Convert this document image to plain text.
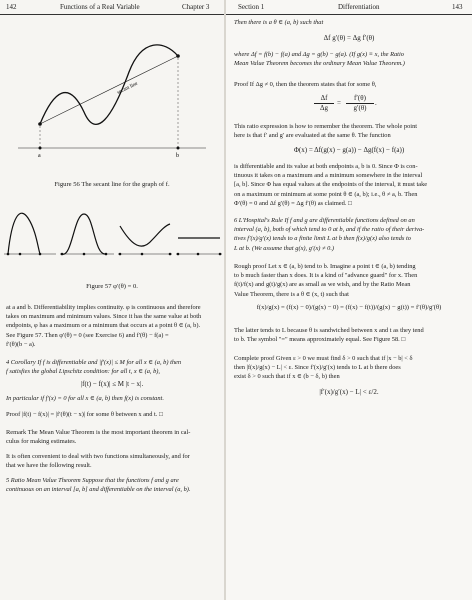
142	Functions of a Real Variable	Chapter 3
a	b
secant line
Figure 56 The secant line for the graph of f.
Figure 57 φ′(θ) = 0.
at a and b. Differentiability implies continuity. φ is continuous and therefore
takes on maximum and minimum values. Since it has the same value at both
endpoints, φ has a maximum or a minimum that occurs at a point θ ∈ (a, b).
See Figure 57. Then φ′(θ) = 0 (see Exercise 6) and f′(θ) − f(a) =
f′(θ)(b − a).
4 Corollary If f is differentiable and |f′(x)| ≤ M for all x ∈ (a, b) then
f satisfies the global Lipschitz condition: for all t, x ∈ (a, b),
|f(t) − f(x)| ≤ M |t − x|.
In particular if f′(x) = 0 for all x ∈ (a, b) then f(x) is constant.
Proof |f(t) − f(x)| = |f′(θ)(t − x)| for some θ between x and t. □
Remark The Mean Value Theorem is the most important theorem in cal-
culus for making estimates.
It is often convenient to deal with two functions simultaneously, and for
that we have the following result.
5 Ratio Mean Value Theorem Suppose that the functions f and g are
continuous on an interval [a, b] and differentiable on the interval (a, b).
Section 1	Differentiation	143
Then there is a θ ∈ (a, b) such that
Δf g′(θ) = Δg f′(θ)
where Δf = f(b) − f(a) and Δg = g(b) − g(a). (If g(x) ≡ x, the Ratio
Mean Value Theorem becomes the ordinary Mean Value Theorem.)
Proof If Δg ≠ 0, then the theorem states that for some θ,
Δf
Δg
=
f′(θ)
g′(θ)
.
This ratio expression is how to remember the theorem. The whole point
here is that f′ and g′ are evaluated at the same θ. The function
Φ(x) = Δf(g(x) − g(a)) − Δg(f(x) − f(a))
is differentiable and its value at both endpoints a, b is 0. Since Φ is con-
tinuous it takes on a maximum and a minimum somewhere in the interval
[a, b]. Since Φ has equal values at the endpoints of the interval, it must take
on a maximum or minimum at some point θ ∈ (a, b); i.e., θ ≠ a, b. Then
Φ′(θ) = 0 and Δf g′(θ) = Δg f′(θ) as claimed. □
6 L'Hospital's Rule If f and g are differentiable functions defined on an
interval (a, b), both of which tend to 0 at b, and if the ratio of their deriva-
tives f′(x)/g′(x) tends to a finite limit L at b then f(x)/g(x) also tends to
L at b. (We assume that g(x), g′(x) ≠ 0.)
Rough proof Let x ∈ (a, b) tend to b. Imagine a point t ∈ (a, b) tending
to b much faster than x does. It is a kind of "advance guard" for x. Then
f(t)/f(x) and g(t)/g(x) are as small as we wish, and by the Ratio Mean
Value Theorem, there is a θ ∈ (x, t) such that
f(x)/g(x) = (f(x) − 0)/(g(x) − 0) = (f(x) − f(t))/(g(x) − g(t)) = f′(θ)/g′(θ)
The latter tends to L because θ is sandwiched between x and t as they tend
to b. The symbol "=" means approximately equal. See Figure 58. □
Complete proof Given ε > 0 we must find δ > 0 such that if |x − b| < δ
then |f(x)/g(x) − L| < ε. Since f′(x)/g′(x) tends to L at b there does
exist δ > 0 such that if x ∈ (b − δ, b) then
|f′(x)/g′(x) − L| < ε/2.
